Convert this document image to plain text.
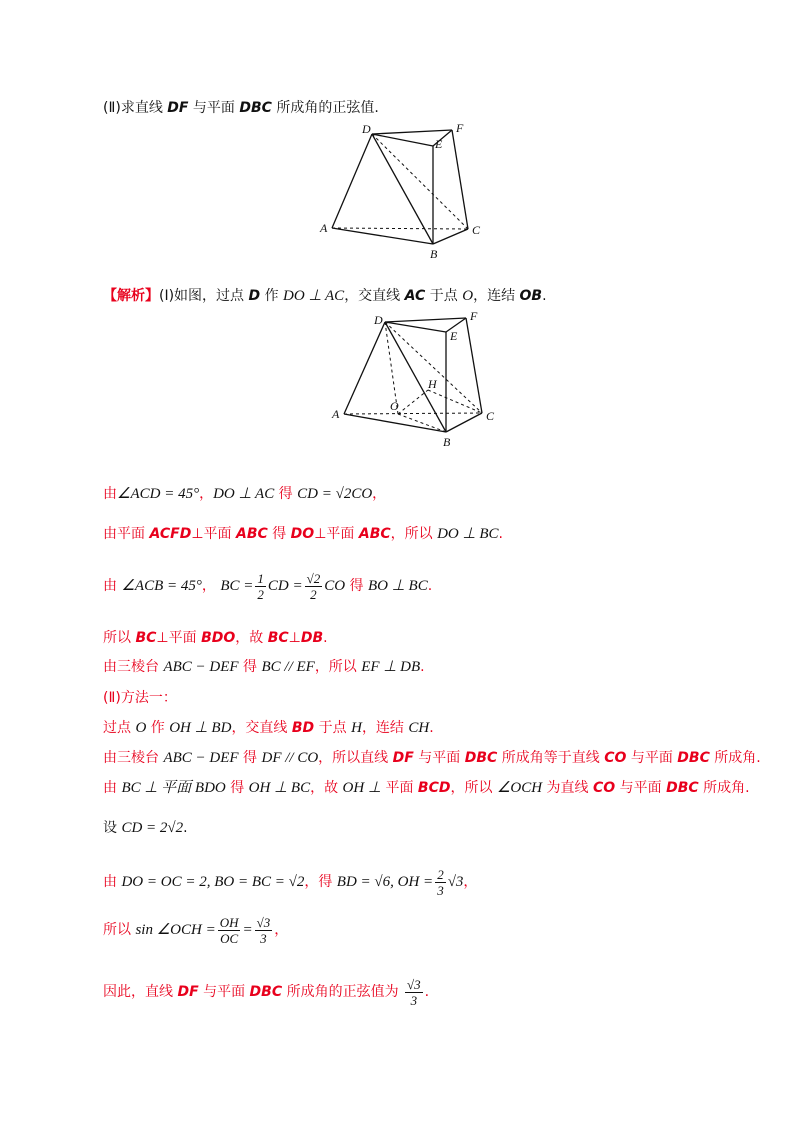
(Ⅱ)求直线 DF 与平面 DBC 所成角的正弦值.
D	F
E
A	C
B
【解析】(Ⅰ)如图，过点 D 作 DO ⊥ AC，交直线 AC 于点 O，连结 OB.
D	F
E
H
O
A	C
B
由∠ACD = 45°，DO ⊥ AC 得 CD = √2CO，
由平面 ACFD⊥平面 ABC 得 DO⊥平面 ABC，所以 DO ⊥ BC.
由 ∠ACB = 45°， BC = $\frac{1}{2}$ CD = $\frac{√2}{2}$ CO 得 BO ⊥ BC.
所以 BC⊥平面 BDO，故 BC⊥DB.
由三棱台 ABC − DEF 得 BC // EF，所以 EF ⊥ DB.
(Ⅱ)方法一：
过点 O 作 OH ⊥ BD，交直线 BD 于点 H，连结 CH.
由三棱台 ABC − DEF 得 DF // CO，所以直线 DF 与平面 DBC 所成角等于直线 CO 与平面 DBC 所成角.
由 BC ⊥ 平面 BDO 得 OH ⊥ BC，故 OH ⊥ 平面 BCD，所以 ∠OCH 为直线 CO 与平面 DBC 所成角.
设 CD = 2√2.
由 DO = OC = 2, BO = BC = √2，得 BD = √6, OH = $\frac{2}{3} √3$，
所以 sin ∠OCH = $\frac{OH}{OC} = \frac{√3}{3}$ ，
因此，直线 DF 与平面 DBC 所成角的正弦值为 $\frac{√3}{3}$ .
